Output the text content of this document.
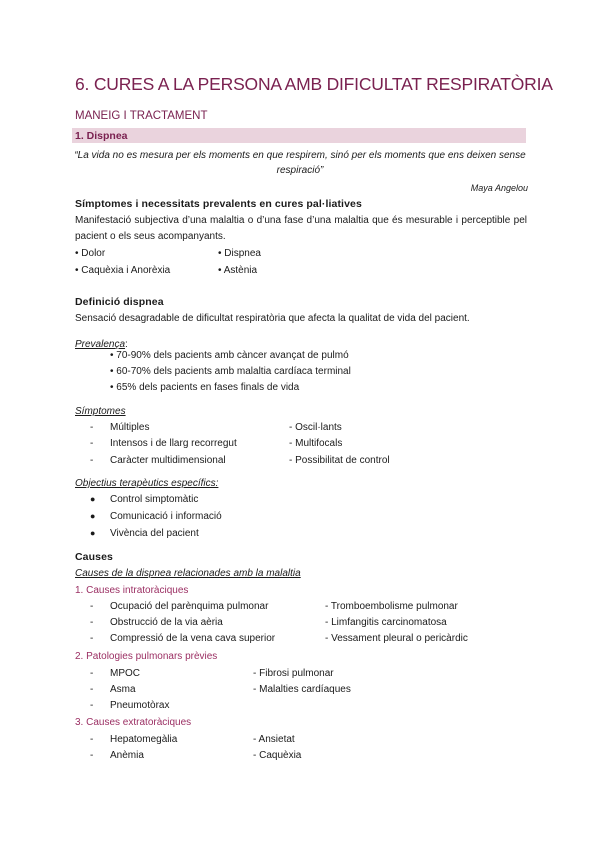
6. CURES A LA PERSONA AMB DIFICULTAT RESPIRATÒRIA
MANEIG I TRACTAMENT
1. Dispnea
“La vida no es mesura per els moments en que respirem, sinó per els moments que ens deixen sense respiració”
Maya Angelou
Símptomes i necessitats prevalents en cures pal·liatives
Manifestació subjectiva d’una malaltia o d’una fase d’una malaltia que és mesurable i perceptible pel pacient o els seus acompanyants.
• Dolor
• Caquèxia i Anorèxia
• Dispnea
• Astènia
Definició dispnea
Sensació desagradable de dificultat respiratòria que afecta la qualitat de vida del pacient.
Prevalença:
• 70-90% dels pacients amb càncer avançat de pulmó
• 60-70% dels pacients amb malaltia cardíaca terminal
• 65% dels pacients en fases finals de vida
Símptomes
-
-
-
Múltiples
Intensos i de llarg recorregut
Caràcter multidimensional
- Oscil·lants
- Multifocals
- Possibilitat de control
Objectius terapèutics específics:
●
●
●
Control simptomàtic
Comunicació i informació
Vivència del pacient
Causes
Causes de la dispnea relacionades amb la malaltia
1. Causes intratoràciques
-
-
-
Ocupació del parènquima pulmonar
Obstrucció de la via aèria
Compressió de la vena cava superior
- Tromboembolisme pulmonar
- Limfangitis carcinomatosa
- Vessament pleural o pericàrdic
2. Patologies pulmonars prèvies
-
-
-
MPOC
Asma
Pneumotòrax
- Fibrosi pulmonar
- Malalties cardíaques
3. Causes extratoràciques
-
-
Hepatomegàlia
Anèmia
- Ansietat
- Caquèxia
